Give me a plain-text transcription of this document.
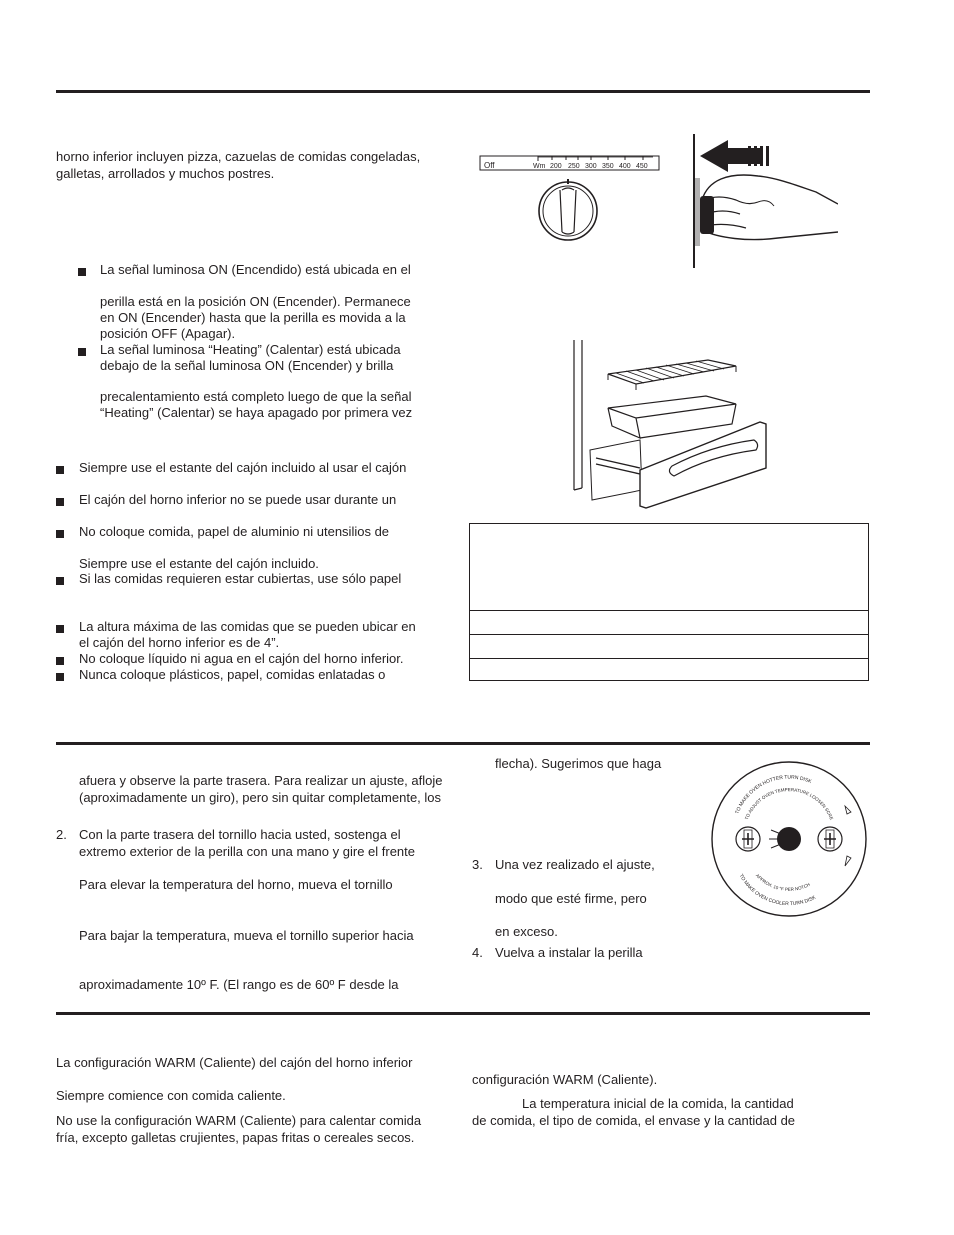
horno inferior incluyen pizza, cazuelas de comidas congeladas,
galletas, arrollados y muchos postres.
La señal luminosa ON (Encendido) está ubicada en el
perilla está en la posición ON (Encender). Permanece
en ON (Encender) hasta que la perilla es movida a la
posición OFF (Apagar).
La señal luminosa “Heating” (Calentar) está ubicada
debajo de la señal luminosa ON (Encender) y brilla
precalentamiento está completo luego de que la señal
“Heating” (Calentar) se haya apagado por primera vez
Siempre use el estante del cajón incluido al usar el cajón
El cajón del horno inferior no se puede usar durante un
No coloque comida, papel de aluminio ni utensilios de
Siempre use el estante del cajón incluido.
Si las comidas requieren estar cubiertas, use sólo papel
La altura máxima de las comidas que se pueden ubicar en
el cajón del horno inferior es de 4”.
No coloque líquido ni agua en el cajón del horno inferior.
Nunca coloque plásticos, papel, comidas enlatadas o
Off	Wm 200 250 300 350 400 450
afuera y observe la parte trasera. Para realizar un ajuste, afloje
(aproximadamente un giro), pero sin quitar completamente, los
2. Con la parte trasera del tornillo hacia usted, sostenga el
extremo exterior de la perilla con una mano y gire el frente
Para elevar la temperatura del horno, mueva el tornillo
Para bajar la temperatura, mueva el tornillo superior hacia
aproximadamente 10º F. (El rango es de 60º F desde la
flecha). Sugerimos que haga
3. Una vez realizado el ajuste,
modo que esté firme, pero
en exceso.
4. Vuelva a instalar la perilla
TO MAKE OVEN HOTTER TURN DISK
TO ADJUST OVEN TEMPERATURE LOOSEN SCRE
APPROX. 10 °F PER NOTCH
TO MAKE OVEN COOLER TURN DISK
La configuración WARM (Caliente) del cajón del horno inferior
Siempre comience con comida caliente.
No use la configuración WARM (Caliente) para calentar comida
fría, excepto galletas crujientes, papas fritas o cereales secos.
configuración WARM (Caliente).
La temperatura inicial de la comida, la cantidad
de comida, el tipo de comida, el envase y la cantidad de
